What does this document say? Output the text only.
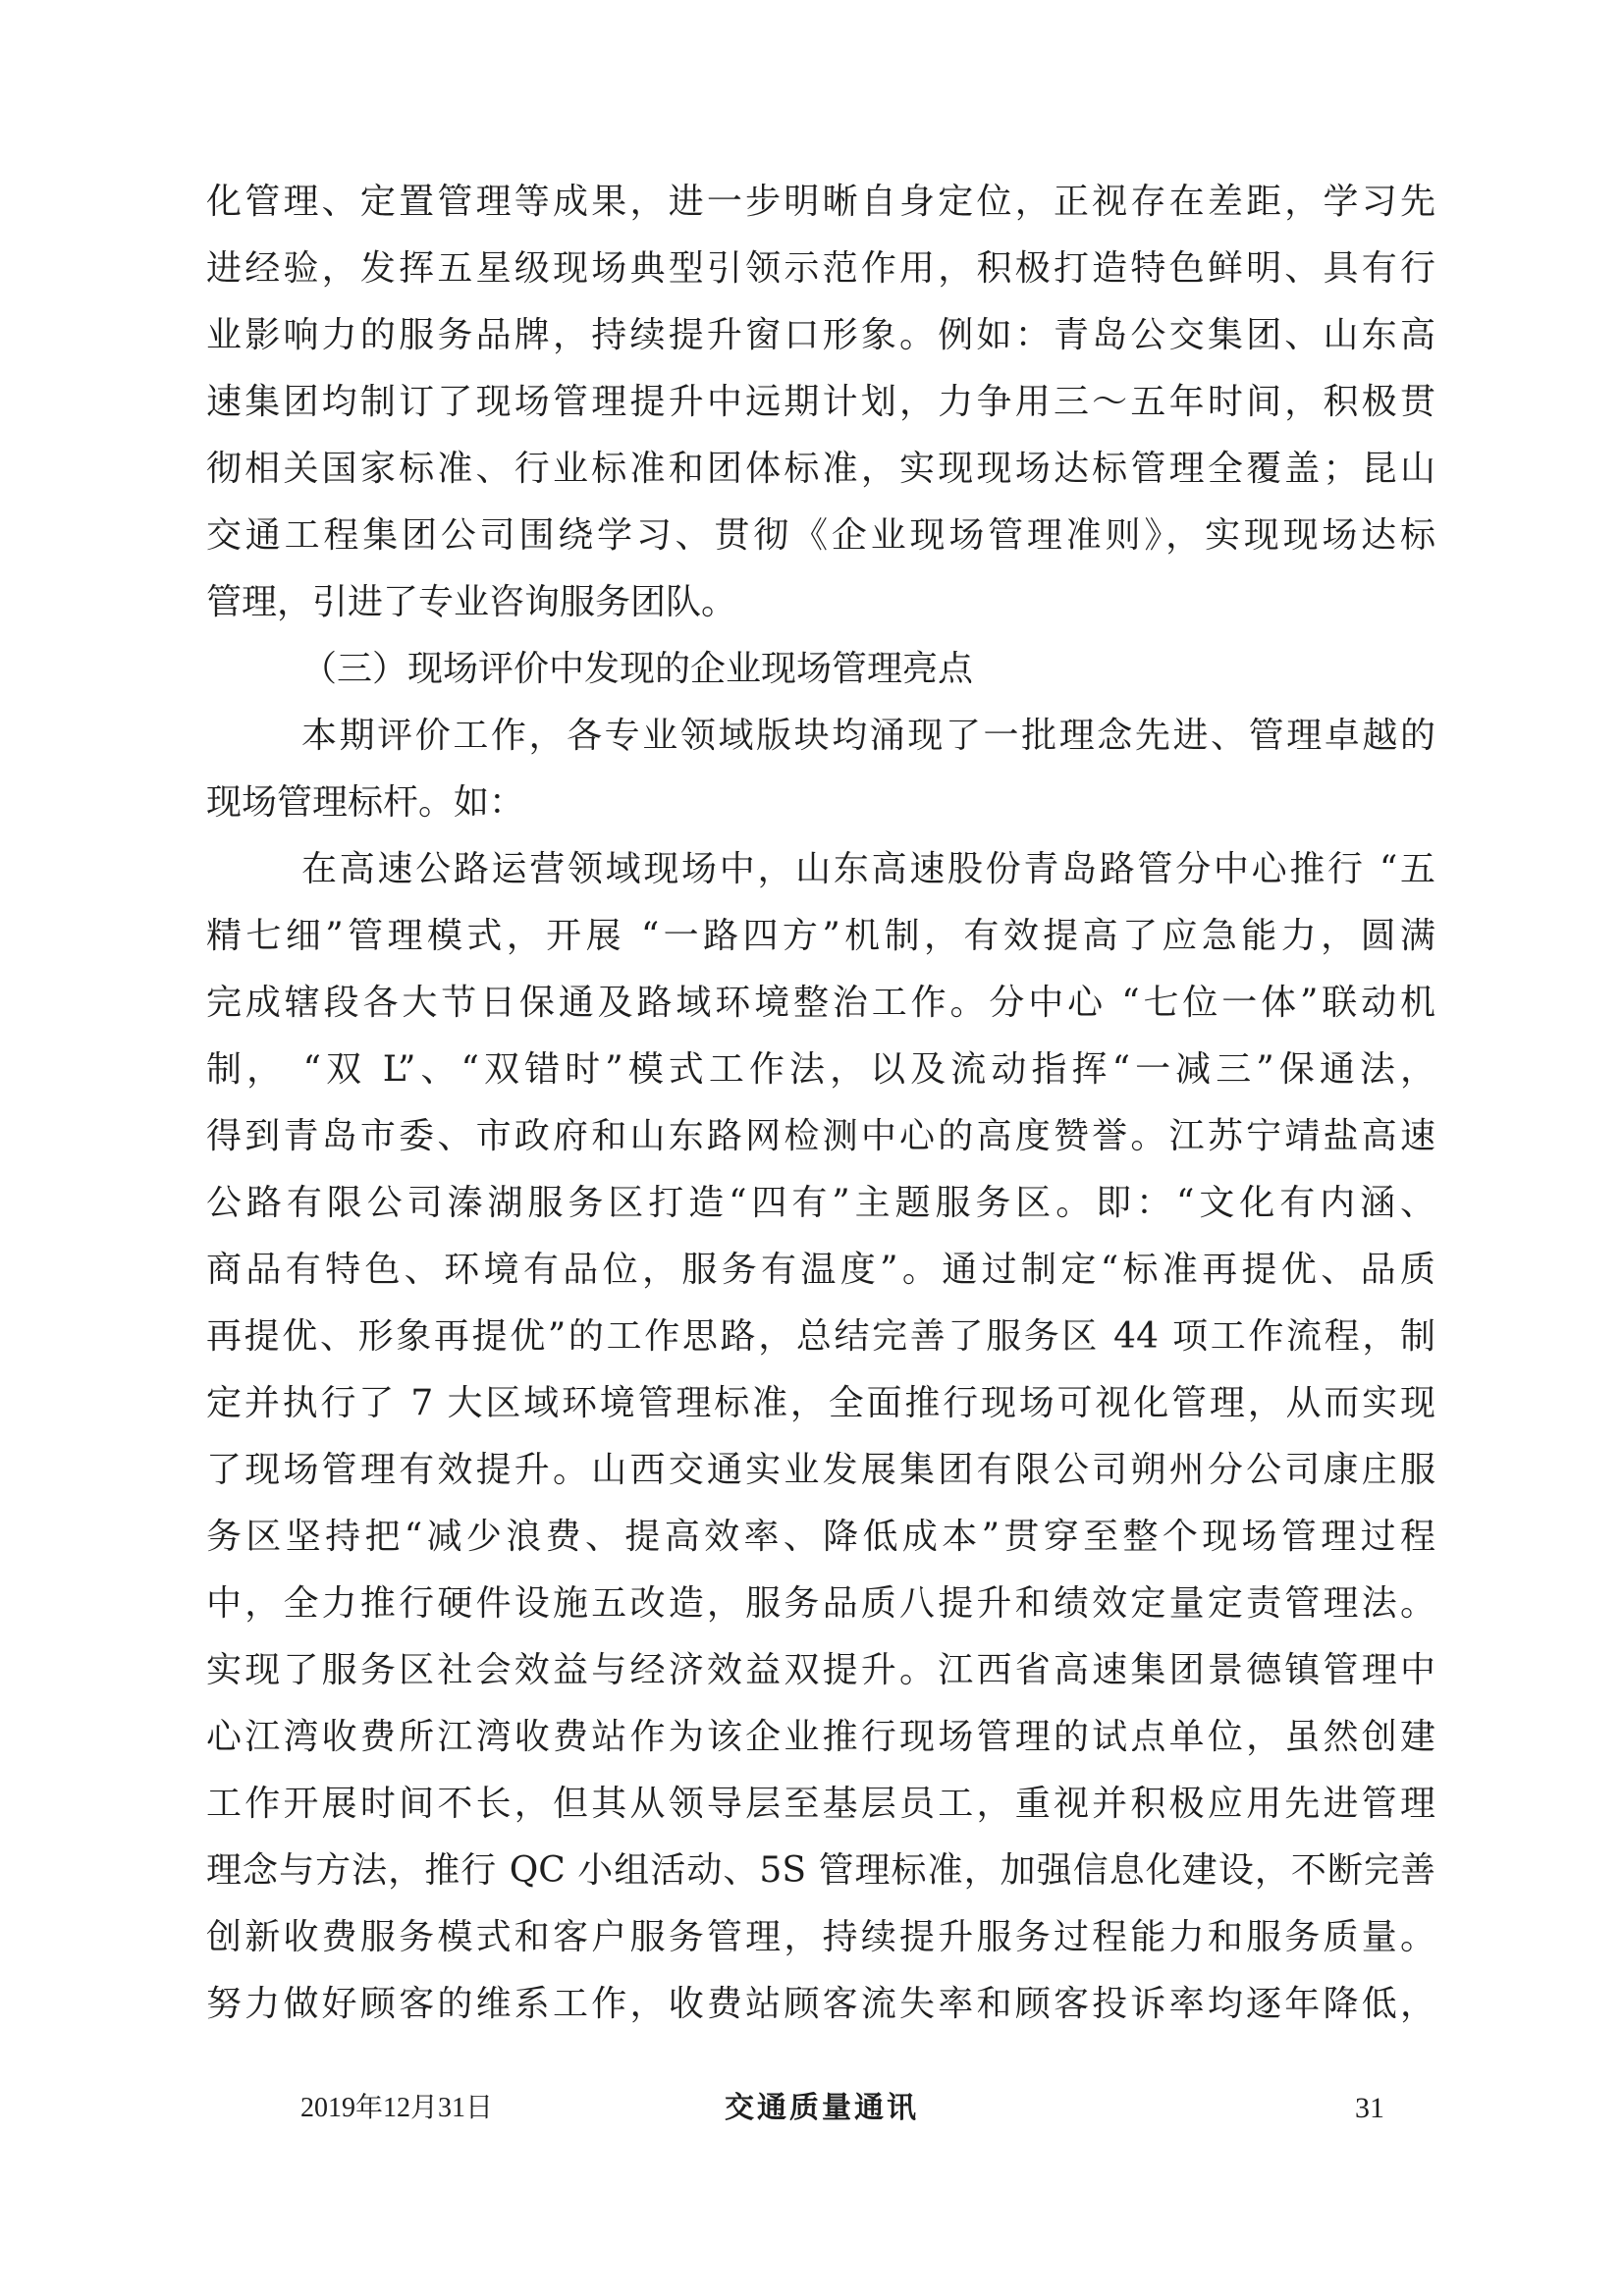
化管理、定置管理等成果，进一步明晰自身定位，正视存在差距，学习先
进经验，发挥五星级现场典型引领示范作用，积极打造特色鲜明、具有行
业影响力的服务品牌，持续提升窗口形象。例如：青岛公交集团、山东高
速集团均制订了现场管理提升中远期计划，力争用三～五年时间，积极贯
彻相关国家标准、行业标准和团体标准，实现现场达标管理全覆盖；昆山
交通工程集团公司围绕学习、贯彻《企业现场管理准则》，实现现场达标
管理，引进了专业咨询服务团队。
（三）现场评价中发现的企业现场管理亮点
本期评价工作，各专业领域版块均涌现了一批理念先进、管理卓越的
现场管理标杆。如：
在高速公路运营领域现场中，山东高速股份青岛路管分中心推行 “五
精七细”管理模式，开展 “一路四方”机制，有效提高了应急能力，圆满
完成辖段各大节日保通及路域环境整治工作。分中心 “七位一体”联动机
制， “双 L”、“双错时”模式工作法，以及流动指挥“一减三”保通法，
得到青岛市委、市政府和山东路网检测中心的高度赞誉。江苏宁靖盐高速
公路有限公司溱湖服务区打造“四有”主题服务区。即：“文化有内涵、
商品有特色、环境有品位，服务有温度”。通过制定“标准再提优、品质
再提优、形象再提优”的工作思路，总结完善了服务区 44 项工作流程，制
定并执行了 7 大区域环境管理标准，全面推行现场可视化管理，从而实现
了现场管理有效提升。山西交通实业发展集团有限公司朔州分公司康庄服
务区坚持把“减少浪费、提高效率、降低成本”贯穿至整个现场管理过程
中，全力推行硬件设施五改造，服务品质八提升和绩效定量定责管理法。
实现了服务区社会效益与经济效益双提升。江西省高速集团景德镇管理中
心江湾收费所江湾收费站作为该企业推行现场管理的试点单位，虽然创建
工作开展时间不长，但其从领导层至基层员工，重视并积极应用先进管理
理念与方法，推行 QC 小组活动、5S 管理标准，加强信息化建设，不断完善
创新收费服务模式和客户服务管理，持续提升服务过程能力和服务质量。
努力做好顾客的维系工作，收费站顾客流失率和顾客投诉率均逐年降低，
2019年12月31日	交通质量通讯	31
